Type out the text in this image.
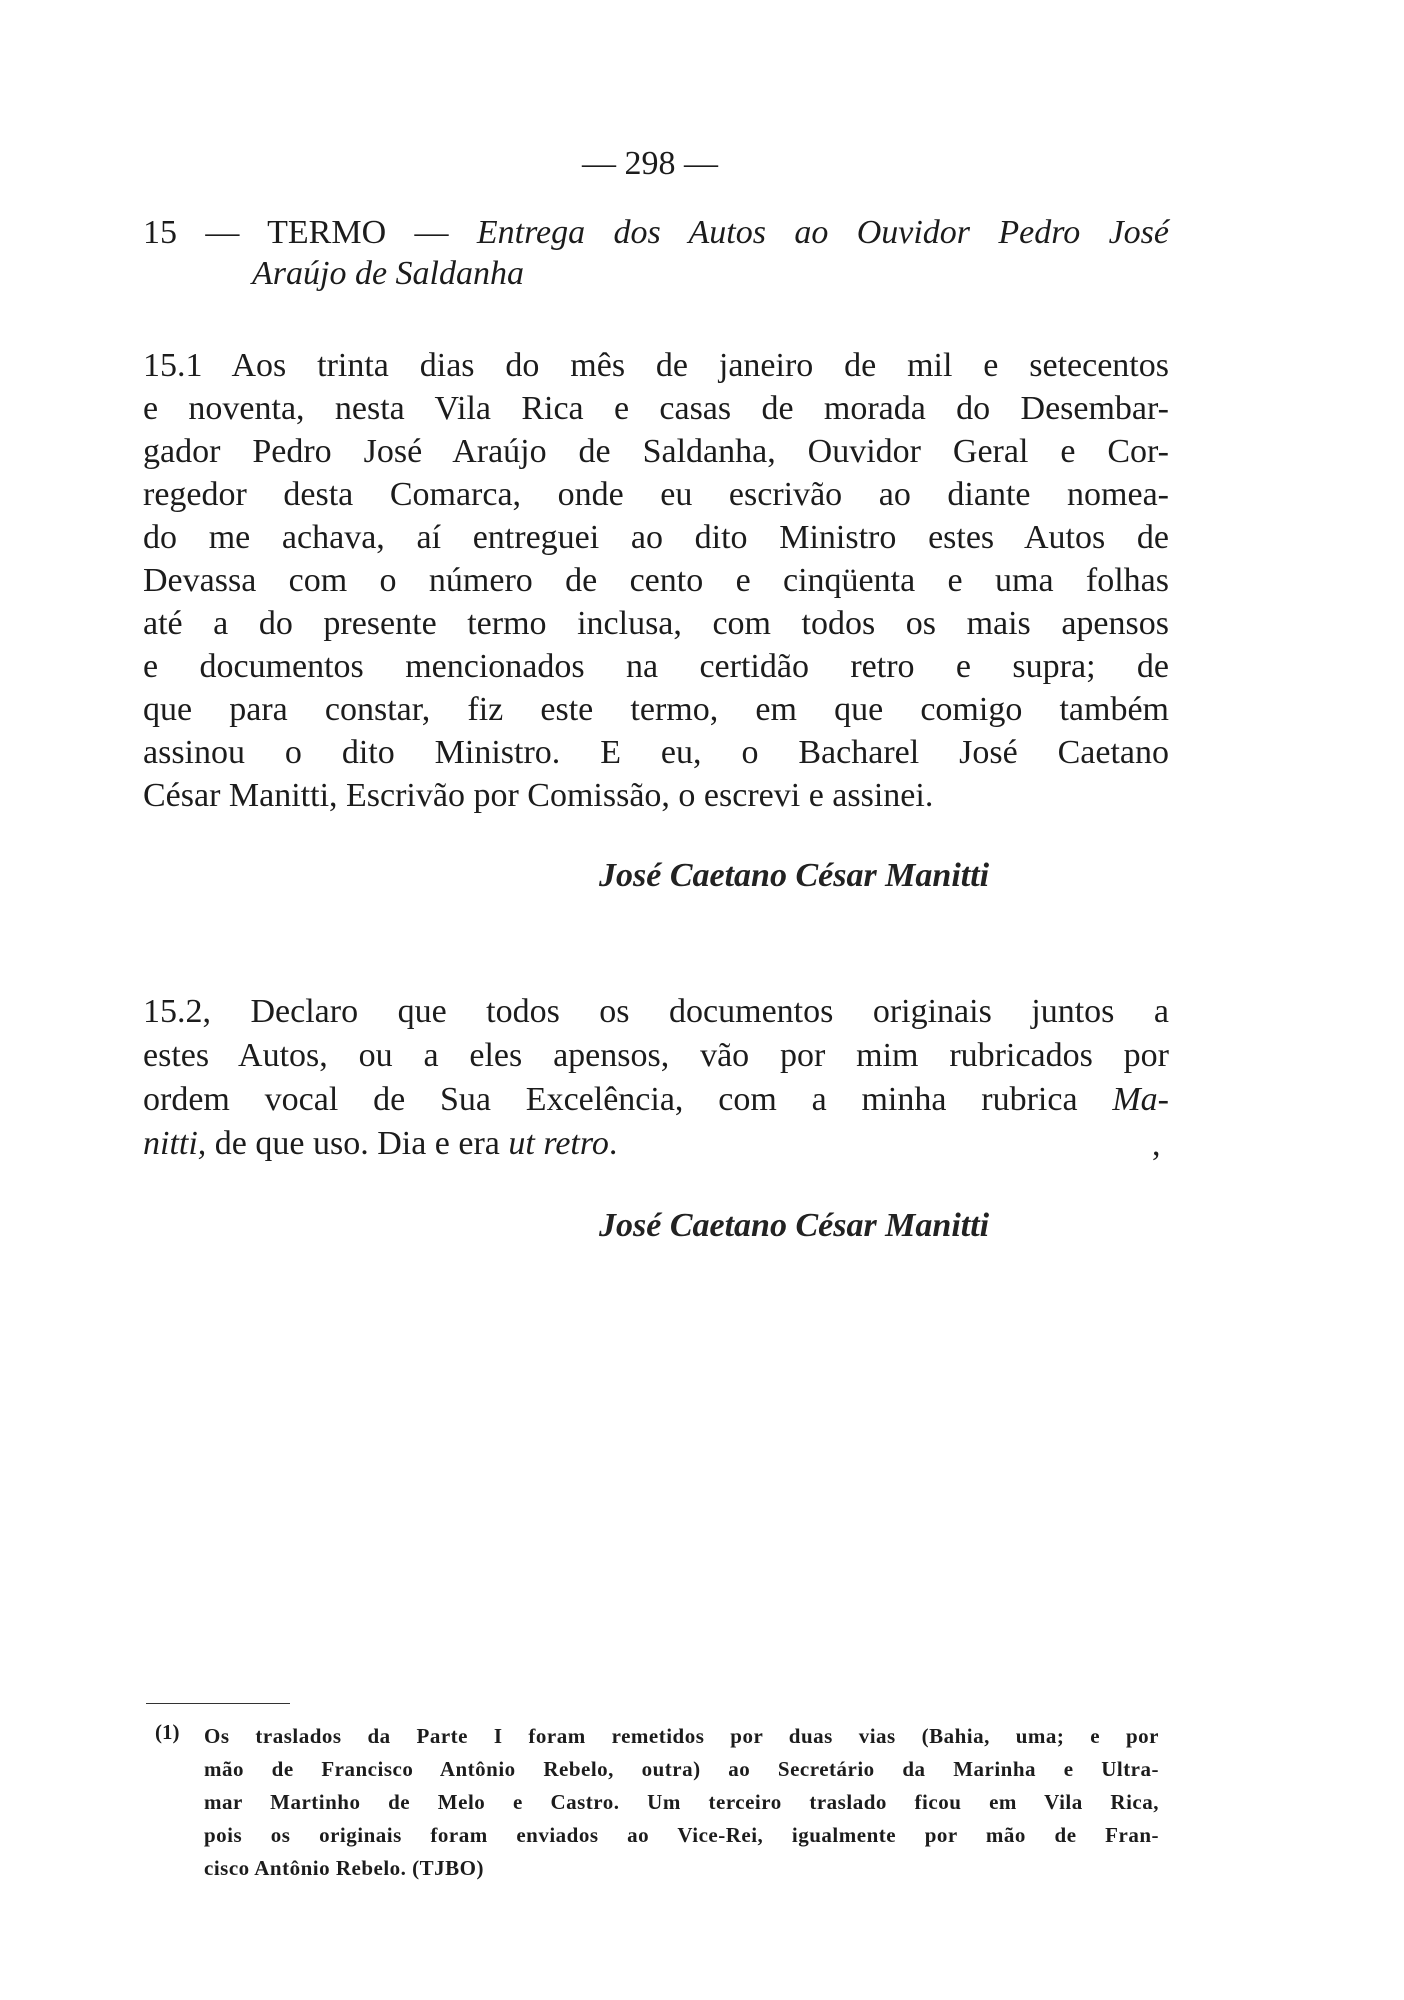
— 298 —
15 — TERMO — Entrega dos Autos ao Ouvidor Pedro José
Araújo de Saldanha
15.1 Aos trinta dias do mês de janeiro de mil e setecentos
e noventa, nesta Vila Rica e casas de morada do Desembar-
gador Pedro José Araújo de Saldanha, Ouvidor Geral e Cor-
regedor desta Comarca, onde eu escrivão ao diante nomea-
do me achava, aí entreguei ao dito Ministro estes Autos de
Devassa com o número de cento e cinqüenta e uma folhas
até a do presente termo inclusa, com todos os mais apensos
e documentos mencionados na certidão retro e supra; de
que para constar, fiz este termo, em que comigo também
assinou o dito Ministro. E eu, o Bacharel José Caetano
César Manitti, Escrivão por Comissão, o escrevi e assinei.
José Caetano César Manitti
15.2, Declaro que todos os documentos originais juntos a
estes Autos, ou a eles apensos, vão por mim rubricados por
ordem vocal de Sua Excelência, com a minha rubrica Ma-
nitti, de que uso. Dia e era ut retro.	,
José Caetano César Manitti
(1) Os traslados da Parte I foram remetidos por duas vias (Bahia, uma; e por
mão de Francisco Antônio Rebelo, outra) ao Secretário da Marinha e Ultra-
mar Martinho de Melo e Castro. Um terceiro traslado ficou em Vila Rica,
pois os originais foram enviados ao Vice-Rei, igualmente por mão de Fran-
cisco Antônio Rebelo. (TJBO)
